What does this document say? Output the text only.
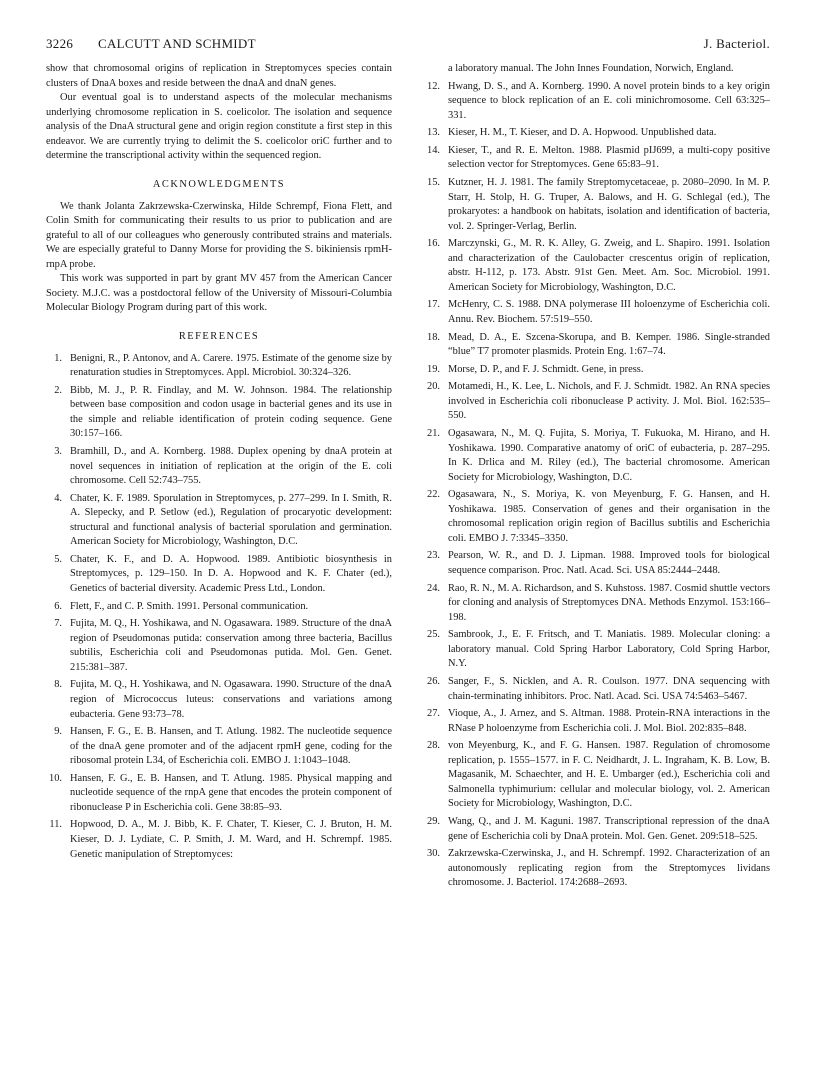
3226 CALCUTT AND SCHMIDT	J. Bacteriol.

show that chromosomal origins of replication in Streptomyces species contain clusters of DnaA boxes and reside between the dnaA and dnaN genes.

Our eventual goal is to understand aspects of the molecular mechanisms underlying chromosome replication in S. coelicolor. The isolation and sequence analysis of the DnaA structural gene and origin region constitute a first step in this endeavor. We are currently trying to delimit the S. coelicolor oriC further and to determine the transcriptional activity within the sequenced region.

ACKNOWLEDGMENTS

We thank Jolanta Zakrzewska-Czerwinska, Hilde Schrempf, Fiona Flett, and Colin Smith for communicating their results to us prior to publication and are grateful to all of our colleagues who generously contributed strains and materials. We are especially grateful to Danny Morse for providing the S. bikiniensis rpmH-rnpA probe.

This work was supported in part by grant MV 457 from the American Cancer Society. M.J.C. was a postdoctoral fellow of the University of Missouri-Columbia Molecular Biology Program during part of this work.

REFERENCES
1. Benigni, R., P. Antonov, and A. Carere. 1975. Estimate of the genome size by renaturation studies in Streptomyces. Appl. Microbiol. 30:324–326.
2. Bibb, M. J., P. R. Findlay, and M. W. Johnson. 1984. The relationship between base composition and codon usage in bacterial genes and its use in the simple and reliable identification of protein coding sequence. Gene 30:157–166.
3. Bramhill, D., and A. Kornberg. 1988. Duplex opening by dnaA protein at novel sequences in initiation of replication at the origin of the E. coli chromosome. Cell 52:743–755.
4. Chater, K. F. 1989. Sporulation in Streptomyces, p. 277–299. In I. Smith, R. A. Slepecky, and P. Setlow (ed.), Regulation of procaryotic development: structural and functional analysis of bacterial sporulation and germination. American Society for Microbiology, Washington, D.C.
5. Chater, K. F., and D. A. Hopwood. 1989. Antibiotic biosynthesis in Streptomyces, p. 129–150. In D. A. Hopwood and K. F. Chater (ed.), Genetics of bacterial diversity. Academic Press Ltd., London.
6. Flett, F., and C. P. Smith. 1991. Personal communication.
7. Fujita, M. Q., H. Yoshikawa, and N. Ogasawara. 1989. Structure of the dnaA region of Pseudomonas putida: conservation among three bacteria, Bacillus subtilis, Escherichia coli and Pseudomonas putida. Mol. Gen. Genet. 215:381–387.
8. Fujita, M. Q., H. Yoshikawa, and N. Ogasawara. 1990. Structure of the dnaA region of Micrococcus luteus: conservations and variations among eubacteria. Gene 93:73–78.
9. Hansen, F. G., E. B. Hansen, and T. Atlung. 1982. The nucleotide sequence of the dnaA gene promoter and of the adjacent rpmH gene, coding for the ribosomal protein L34, of Escherichia coli. EMBO J. 1:1043–1048.
10. Hansen, F. G., E. B. Hansen, and T. Atlung. 1985. Physical mapping and nucleotide sequence of the rnpA gene that encodes the protein component of ribonuclease P in Escherichia coli. Gene 38:85–93.
11. Hopwood, D. A., M. J. Bibb, K. F. Chater, T. Kieser, C. J. Bruton, H. M. Kieser, D. J. Lydiate, C. P. Smith, J. M. Ward, and H. Schrempf. 1985. Genetic manipulation of Streptomyces:
a laboratory manual. The John Innes Foundation, Norwich, England.
12. Hwang, D. S., and A. Kornberg. 1990. A novel protein binds to a key origin sequence to block replication of an E. coli minichromosome. Cell 63:325–331.
13. Kieser, H. M., T. Kieser, and D. A. Hopwood. Unpublished data.
14. Kieser, T., and R. E. Melton. 1988. Plasmid pIJ699, a multi-copy positive selection vector for Streptomyces. Gene 65:83–91.
15. Kutzner, H. J. 1981. The family Streptomycetaceae, p. 2080–2090. In M. P. Starr, H. Stolp, H. G. Truper, A. Balows, and H. G. Schlegal (ed.), The prokaryotes: a handbook on habitats, isolation and identification of bacteria, vol. 2. Springer-Verlag, Berlin.
16. Marczynski, G., M. R. K. Alley, G. Zweig, and L. Shapiro. 1991. Isolation and characterization of the Caulobacter crescentus origin of replication, abstr. H-112, p. 173. Abstr. 91st Gen. Meet. Am. Soc. Microbiol. 1991. American Society for Microbiology, Washington, D.C.
17. McHenry, C. S. 1988. DNA polymerase III holoenzyme of Escherichia coli. Annu. Rev. Biochem. 57:519–550.
18. Mead, D. A., E. Szcena-Skorupa, and B. Kemper. 1986. Single-stranded “blue” T7 promoter plasmids. Protein Eng. 1:67–74.
19. Morse, D. P., and F. J. Schmidt. Gene, in press.
20. Motamedi, H., K. Lee, L. Nichols, and F. J. Schmidt. 1982. An RNA species involved in Escherichia coli ribonuclease P activity. J. Mol. Biol. 162:535–550.
21. Ogasawara, N., M. Q. Fujita, S. Moriya, T. Fukuoka, M. Hirano, and H. Yoshikawa. 1990. Comparative anatomy of oriC of eubacteria, p. 287–295. In K. Drlica and M. Riley (ed.), The bacterial chromosome. American Society for Microbiology, Washington, D.C.
22. Ogasawara, N., S. Moriya, K. von Meyenburg, F. G. Hansen, and H. Yoshikawa. 1985. Conservation of genes and their organisation in the chromosomal replication origin region of Bacillus subtilis and Escherichia coli. EMBO J. 7:3345–3350.
23. Pearson, W. R., and D. J. Lipman. 1988. Improved tools for biological sequence comparison. Proc. Natl. Acad. Sci. USA 85:2444–2448.
24. Rao, R. N., M. A. Richardson, and S. Kuhstoss. 1987. Cosmid shuttle vectors for cloning and analysis of Streptomyces DNA. Methods Enzymol. 153:166–198.
25. Sambrook, J., E. F. Fritsch, and T. Maniatis. 1989. Molecular cloning: a laboratory manual. Cold Spring Harbor Laboratory, Cold Spring Harbor, N.Y.
26. Sanger, F., S. Nicklen, and A. R. Coulson. 1977. DNA sequencing with chain-terminating inhibitors. Proc. Natl. Acad. Sci. USA 74:5463–5467.
27. Vioque, A., J. Arnez, and S. Altman. 1988. Protein-RNA interactions in the RNase P holoenzyme from Escherichia coli. J. Mol. Biol. 202:835–848.
28. von Meyenburg, K., and F. G. Hansen. 1987. Regulation of chromosome replication, p. 1555–1577. in F. C. Neidhardt, J. L. Ingraham, K. B. Low, B. Magasanik, M. Schaechter, and H. E. Umbarger (ed.), Escherichia coli and Salmonella typhimurium: cellular and molecular biology, vol. 2. American Society for Microbiology, Washington, D.C.
29. Wang, Q., and J. M. Kaguni. 1987. Transcriptional repression of the dnaA gene of Escherichia coli by DnaA protein. Mol. Gen. Genet. 209:518–525.
30. Zakrzewska-Czerwinska, J., and H. Schrempf. 1992. Characterization of an autonomously replicating region from the Streptomyces lividans chromosome. J. Bacteriol. 174:2688–2693.
